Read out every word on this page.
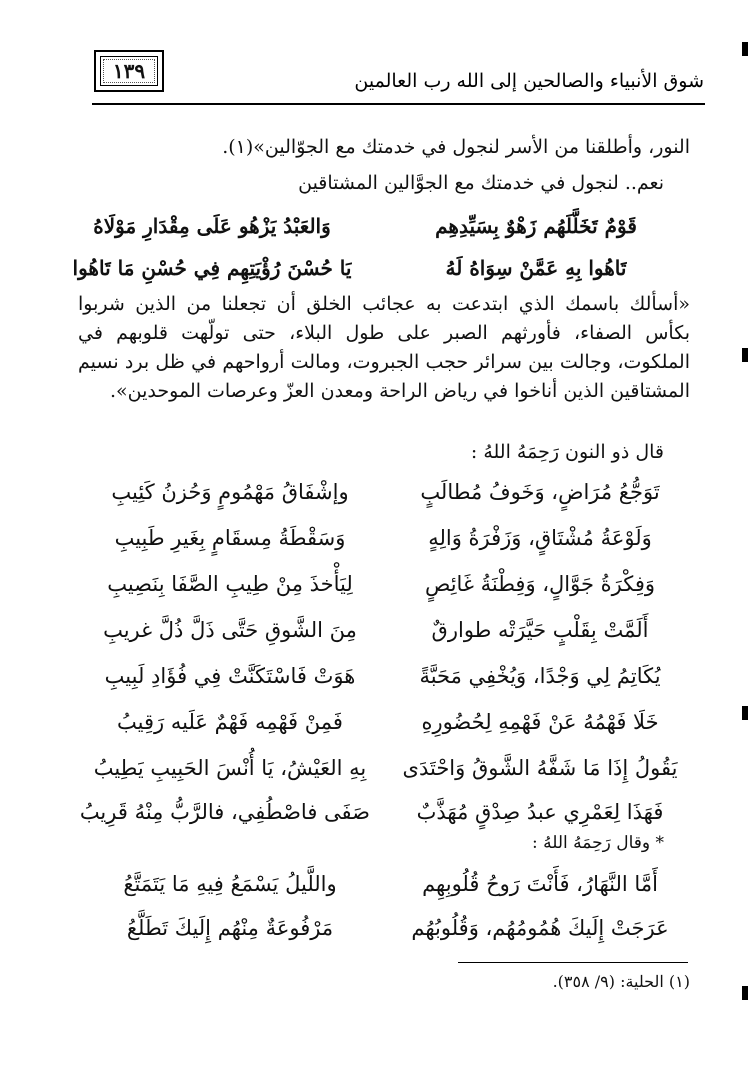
١٣٩	شوق الأنبياء والصالحين إلى الله رب العالمين
النور، وأطلقنا من الأسر لنجول في خدمتك مع الجوّالين»(١).
نعم.. لنجول في خدمتك مع الجوَّالين المشتاقين
قَوْمٌ تَخَلَّلَهُم زَهْوٌ بِسَيِّدِهِم
وَالعَبْدُ يَزْهُو عَلَى مِقْدَارِ مَوْلَاهُ
تَاهُوا بِهِ عَمَّنْ سِوَاهُ لَهُ
يَا حُسْنَ رُؤْيَتِهِم فِي حُسْنِ مَا تَاهُوا
«أسألك باسمك الذي ابتدعت به عجائب الخلق أن تجعلنا من الذين شربوا بكأس الصفاء، فأورثهم الصبر على طول البلاء، حتى تولّهت قلوبهم في الملكوت، وجالت بين سرائر حجب الجبروت، ومالت أرواحهم في ظل برد نسيم المشتاقين الذين أناخوا في رياض الراحة ومعدن العزّ وعرصات الموحدين».
قال ذو النون رَحِمَهُ اللهُ :
تَوَجُّعُ مُرَاضٍ، وَخَوفُ مُطالَبٍ
وإشْفَاقُ مَهْمُومٍ وَحُزنُ كَئِيبِ
وَلَوْعَةُ مُشْتَاقٍ، وَزَفْرَةُ وَالِهٍ
وَسَقْطَةُ مِسقَامٍ بِغَيرِ طَبِيبِ
وَفِكْرَةُ جَوَّالٍ، وَفِطْنَةُ غَائِصٍ
لِيَأْخذَ مِنْ طِيبِ الصَّفَا بِنَصِيبِ
أَلَمَّتْ بِقَلْبٍ حَيَّرَتْه طوارقٌ
مِنَ الشَّوقِ حَتَّى ذَلَّ ذُلَّ غريبِ
يُكَاتِمُ لِي وَجْدًا، وَيُخْفِي مَحَبَّةً
هَوَتْ فَاسْتَكَنَّتْ فِي فُؤَادِ لَبِيبِ
خَلَا فَهْمُهُ عَنْ فَهْمِهِ لِحُضُورِهِ
فَمِنْ فَهْمِه فَهْمٌ عَلَيه رَقِيبُ
يَقُولُ إِذَا مَا شَفَّهُ الشَّوقُ وَاحْتَدَى
بِهِ العَيْشُ، يَا أُنْسَ الحَبِيبِ يَطِيبُ
فَهَذَا لِعَمْرِي عبدُ صِدْقٍ مُهَذَّبٌ
صَفَى فاصْطُفِي، فالرَّبُّ مِنْهُ قَرِيبُ
* وقال رَحِمَهُ اللهُ :
أَمَّا النَّهَارُ، فَأَنْتَ رَوحُ قُلُوبِهِم
واللَّيلُ يَسْمَعُ فِيهِ مَا يَتَمَتَّعُ
عَرَجَتْ إِلَيكَ هُمُومُهُم، وَقُلُوبُهُم
مَرْفُوعَةٌ مِنْهُم إِلَيكَ تَطَلَّعُ
(١) الحلية: (٩/ ٣٥٨).
